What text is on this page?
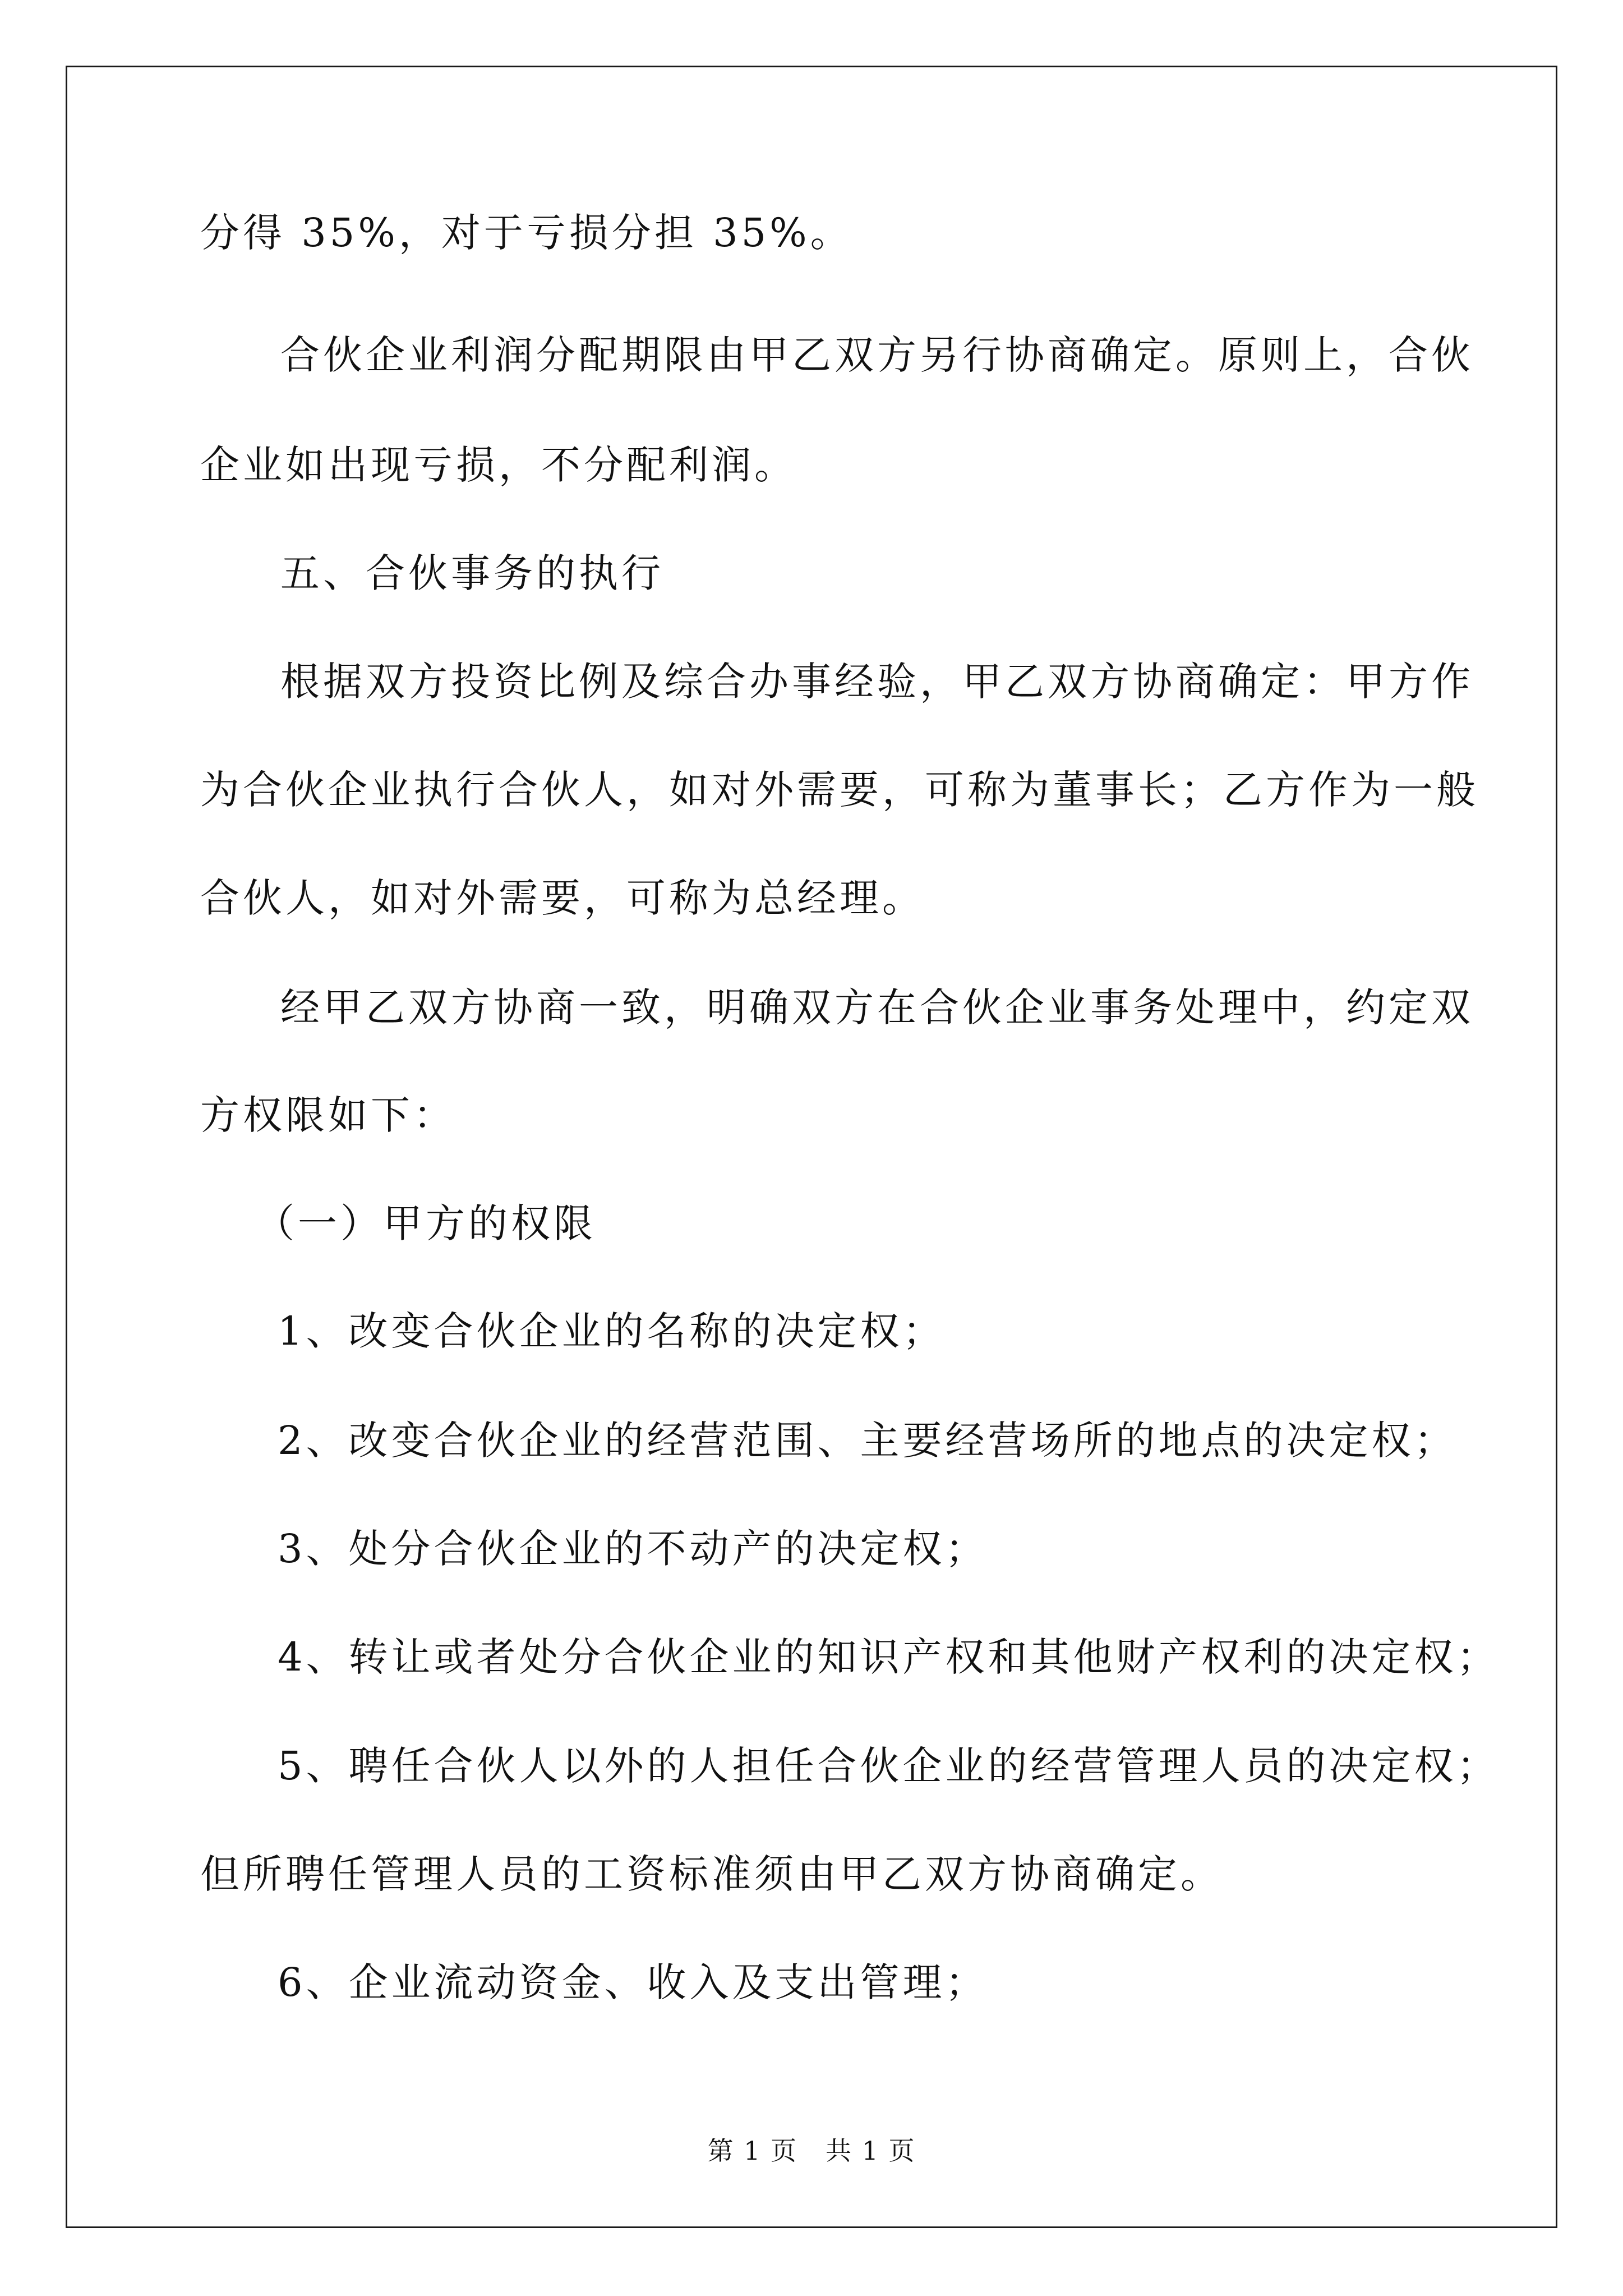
分得 35%，对于亏损分担 35%。
合伙企业利润分配期限由甲乙双方另行协商确定。原则上，合伙
企业如出现亏损，不分配利润。
五、合伙事务的执行
根据双方投资比例及综合办事经验，甲乙双方协商确定：甲方作
为合伙企业执行合伙人，如对外需要，可称为董事长；乙方作为一般
合伙人，如对外需要，可称为总经理。
经甲乙双方协商一致，明确双方在合伙企业事务处理中，约定双
方权限如下：
（一）甲方的权限
1、改变合伙企业的名称的决定权；
2、改变合伙企业的经营范围、主要经营场所的地点的决定权；
3、处分合伙企业的不动产的决定权；
4、转让或者处分合伙企业的知识产权和其他财产权利的决定权；
5、聘任合伙人以外的人担任合伙企业的经营管理人员的决定权；
但所聘任管理人员的工资标准须由甲乙双方协商确定。
6、企业流动资金、收入及支出管理；
第 1 页 共 1 页
